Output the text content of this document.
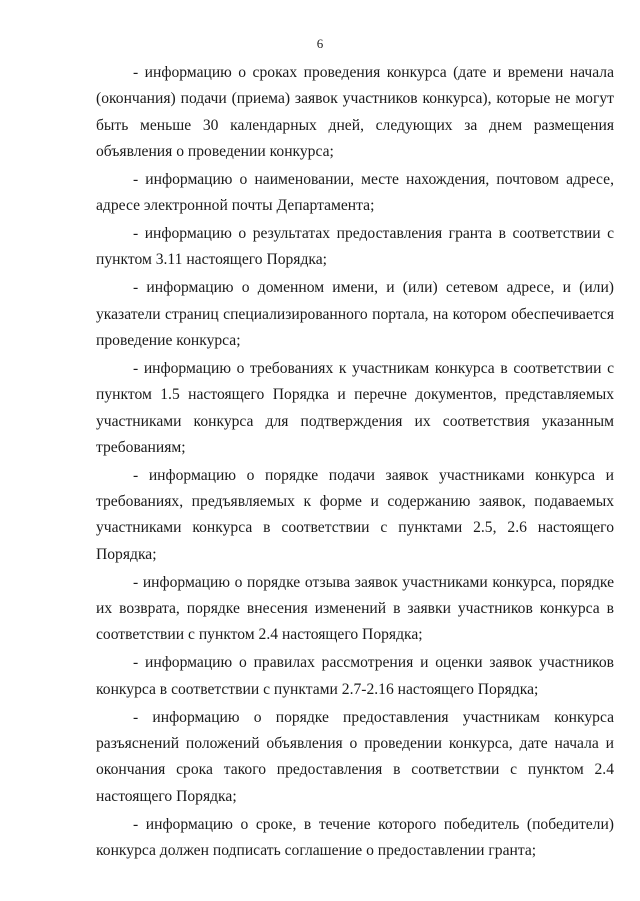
6

- информацию о сроках проведения конкурса (дате и времени начала (окончания) подачи (приема) заявок участников конкурса), которые не могут быть меньше 30 календарных дней, следующих за днем размещения объявления о проведении конкурса;

- информацию о наименовании, месте нахождения, почтовом адресе, адресе электронной почты Департамента;

- информацию о результатах предоставления гранта в соответствии с пунктом 3.11 настоящего Порядка;

- информацию о доменном имени, и (или) сетевом адресе, и (или) указатели страниц специализированного портала, на котором обеспечивается проведение конкурса;

- информацию о требованиях к участникам конкурса в соответствии с пунктом 1.5 настоящего Порядка и перечне документов, представляемых участниками конкурса для подтверждения их соответствия указанным требованиям;

- информацию о порядке подачи заявок участниками конкурса и требованиях, предъявляемых к форме и содержанию заявок, подаваемых участниками конкурса в соответствии с пунктами 2.5, 2.6 настоящего Порядка;

- информацию о порядке отзыва заявок участниками конкурса, порядке их возврата, порядке внесения изменений в заявки участников конкурса в соответствии с пунктом 2.4 настоящего Порядка;

- информацию о правилах рассмотрения и оценки заявок участников конкурса в соответствии с пунктами 2.7-2.16 настоящего Порядка;

- информацию о порядке предоставления участникам конкурса разъяснений положений объявления о проведении конкурса, дате начала и окончания срока такого предоставления в соответствии с пунктом 2.4 настоящего Порядка;

- информацию о сроке, в течение которого победитель (победители) конкурса должен подписать соглашение о предоставлении гранта;
